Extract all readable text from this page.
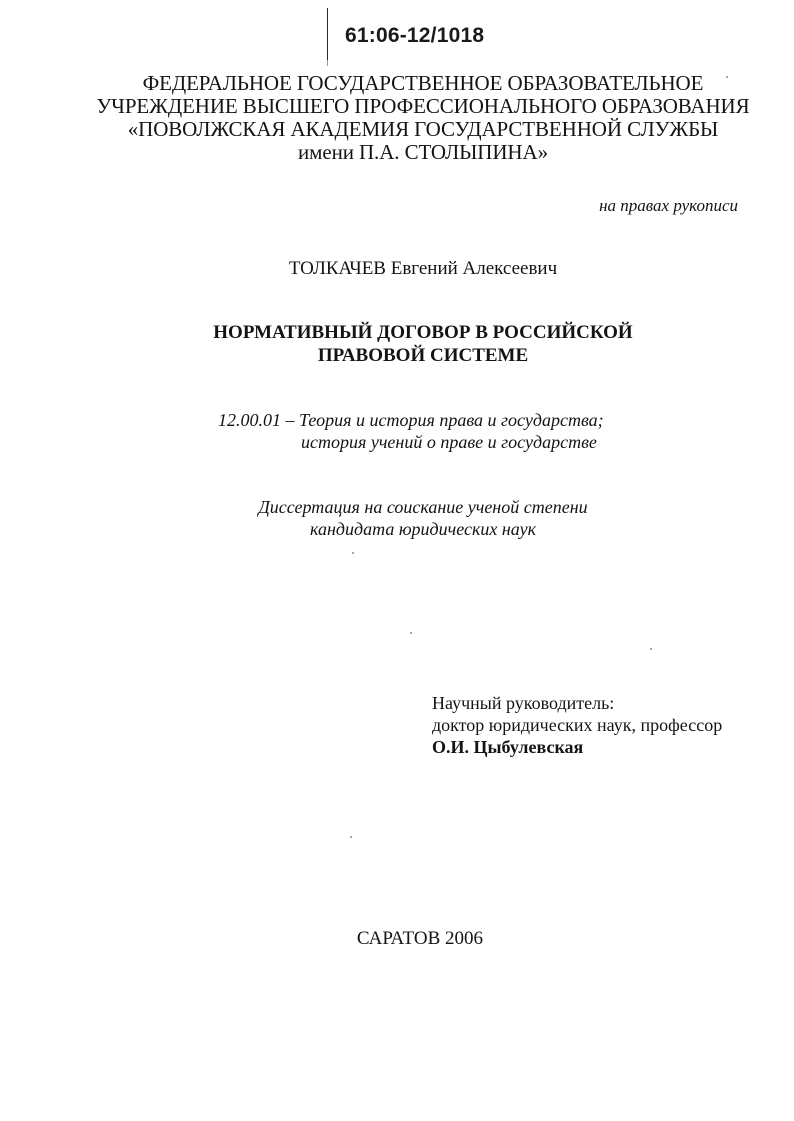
61:06-12/1018
ФЕДЕРАЛЬНОЕ ГОСУДАРСТВЕННОЕ ОБРАЗОВАТЕЛЬНОЕ
УЧРЕЖДЕНИЕ ВЫСШЕГО ПРОФЕССИОНАЛЬНОГО ОБРАЗОВАНИЯ
«ПОВОЛЖСКАЯ АКАДЕМИЯ ГОСУДАРСТВЕННОЙ СЛУЖБЫ
имени П.А. СТОЛЫПИНА»
на правах рукописи
ТОЛКАЧЕВ Евгений Алексеевич
НОРМАТИВНЫЙ ДОГОВОР В РОССИЙСКОЙ
ПРАВОВОЙ СИСТЕМЕ
12.00.01 – Теория и история права и государства;
история учений о праве и государстве
Диссертация на соискание ученой степени
кандидата юридических наук
Научный руководитель:
доктор юридических наук, профессор
О.И. Цыбулевская
САРАТОВ 2006
